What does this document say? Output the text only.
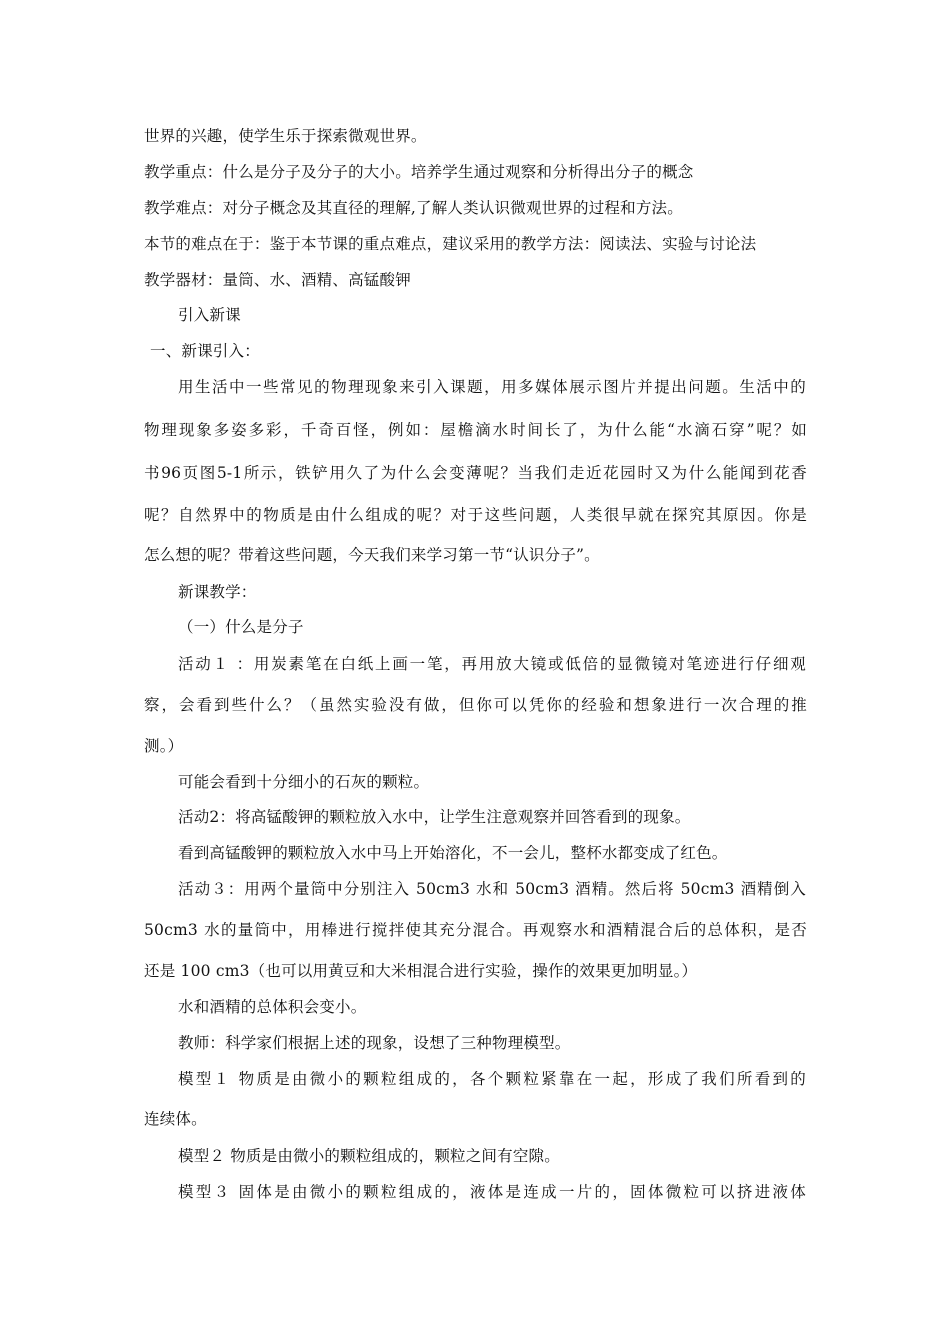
世界的兴趣，使学生乐于探索微观世界。
教学重点：什么是分子及分子的大小。培养学生通过观察和分析得出分子的概念
教学难点：对分子概念及其直径的理解,了解人类认识微观世界的过程和方法。
本节的难点在于：鉴于本节课的重点难点，建议采用的教学方法：阅读法、实验与讨论法
教学器材：量筒、水、酒精、高锰酸钾
引入新课
一、新课引入：
用生活中一些常见的物理现象来引入课题，用多媒体展示图片并提出问题。生活中的
物理现象多姿多彩，千奇百怪，例如：屋檐滴水时间长了，为什么能“水滴石穿”呢？如
书96页图5-1所示，铁铲用久了为什么会变薄呢？当我们走近花园时又为什么能闻到花香
呢？自然界中的物质是由什么组成的呢？对于这些问题，人类很早就在探究其原因。你是
怎么想的呢？带着这些问题，今天我们来学习第一节“认识分子”。
新课教学：
（一）什么是分子
活动１ ：用炭素笔在白纸上画一笔，再用放大镜或低倍的显微镜对笔迹进行仔细观
察，会看到些什么？（虽然实验没有做，但你可以凭你的经验和想象进行一次合理的推
测。）
可能会看到十分细小的石灰的颗粒。
活动2：将高锰酸钾的颗粒放入水中，让学生注意观察并回答看到的现象。
看到高锰酸钾的颗粒放入水中马上开始溶化，不一会儿，整杯水都变成了红色。
活动３：用两个量筒中分别注入 50cm3 水和 50cm3 酒精。然后将 50cm3 酒精倒入
50cm3 水的量筒中，用棒进行搅拌使其充分混合。再观察水和酒精混合后的总体积，是否
还是 100 cm3（也可以用黄豆和大米相混合进行实验，操作的效果更加明显。）
水和酒精的总体积会变小。
教师：科学家们根据上述的现象，设想了三种物理模型。
模型１ 物质是由微小的颗粒组成的，各个颗粒紧靠在一起，形成了我们所看到的
连续体。
模型２ 物质是由微小的颗粒组成的，颗粒之间有空隙。
模型３ 固体是由微小的颗粒组成的，液体是连成一片的，固体微粒可以挤进液体
